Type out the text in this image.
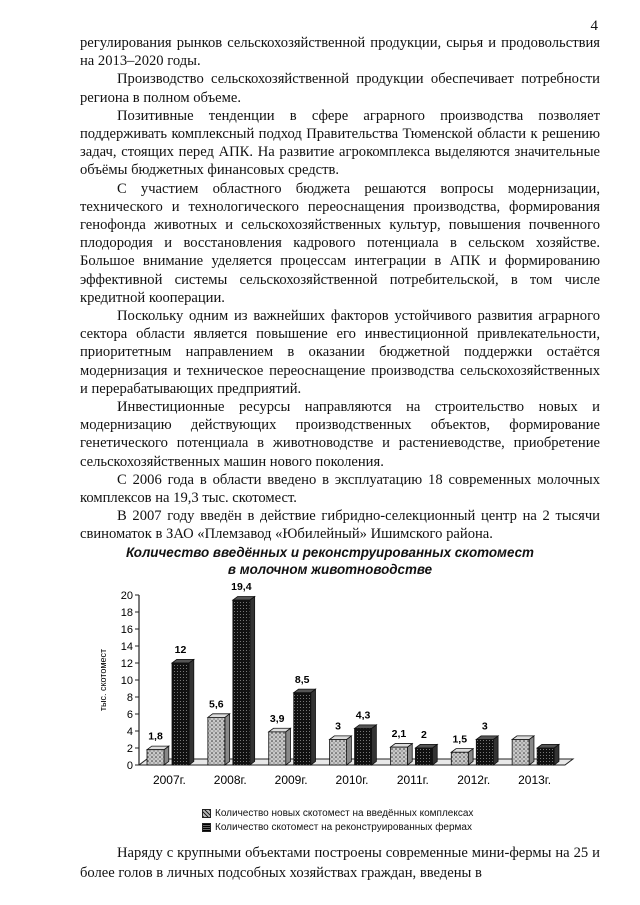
4

регулирования рынков сельскохозяйственной продукции, сырья и продовольствия на 2013–2020 годы.

Производство сельскохозяйственной продукции обеспечивает потребности региона в полном объеме.

Позитивные тенденции в сфере аграрного производства позволяет поддерживать комплексный подход Правительства Тюменской области к решению задач, стоящих перед АПК. На развитие агрокомплекса выделяются значительные объёмы бюджетных финансовых средств.

С участием областного бюджета решаются вопросы модернизации, технического и технологического переоснащения производства, формирования генофонда животных и сельскохозяйственных культур, повышения почвенного плодородия и восстановления кадрового потенциала в сельском хозяйстве. Большое внимание уделяется процессам интеграции в АПК и формированию эффективной системы сельскохозяйственной потребительской, в том числе кредитной кооперации.

Поскольку одним из важнейших факторов устойчивого развития аграрного сектора области является повышение его инвестиционной привлекательности, приоритетным направлением в оказании бюджетной поддержки остаётся модернизация и техническое переоснащение производства сельскохозяйственных и перерабатывающих предприятий.

Инвестиционные ресурсы направляются на строительство новых и модернизацию действующих производственных объектов, формирование генетического потенциала в животноводстве и растениеводстве, приобретение сельскохозяйственных машин нового поколения.

С 2006 года в области введено в эксплуатацию 18 современных молочных комплексов на 19,3 тыс. скотомест.

В 2007 году введён в действие гибридно-селекционный центр на 2 тысячи свиноматок в ЗАО «Племзавод «Юбилейный» Ишимского района.

Количество введённых и реконструированных скотомест
в молочном животноводстве
тыс. скотомест
0
2
4
6
8
10
12
14
16
18
20
1,8
12
2007г.
5,6
19,4
2008г.
3,9
8,5
2009г.
3
4,3
2010г.
2,1 2
2011г.
1,5
3
2012г. 2013г.
Количество новых скотомест на введённых комплексах
Количество скотомест на реконструированных фермах

Наряду с крупными объектами построены современные мини-фермы на 25 и более голов в личных подсобных хозяйствах граждан, введены в
